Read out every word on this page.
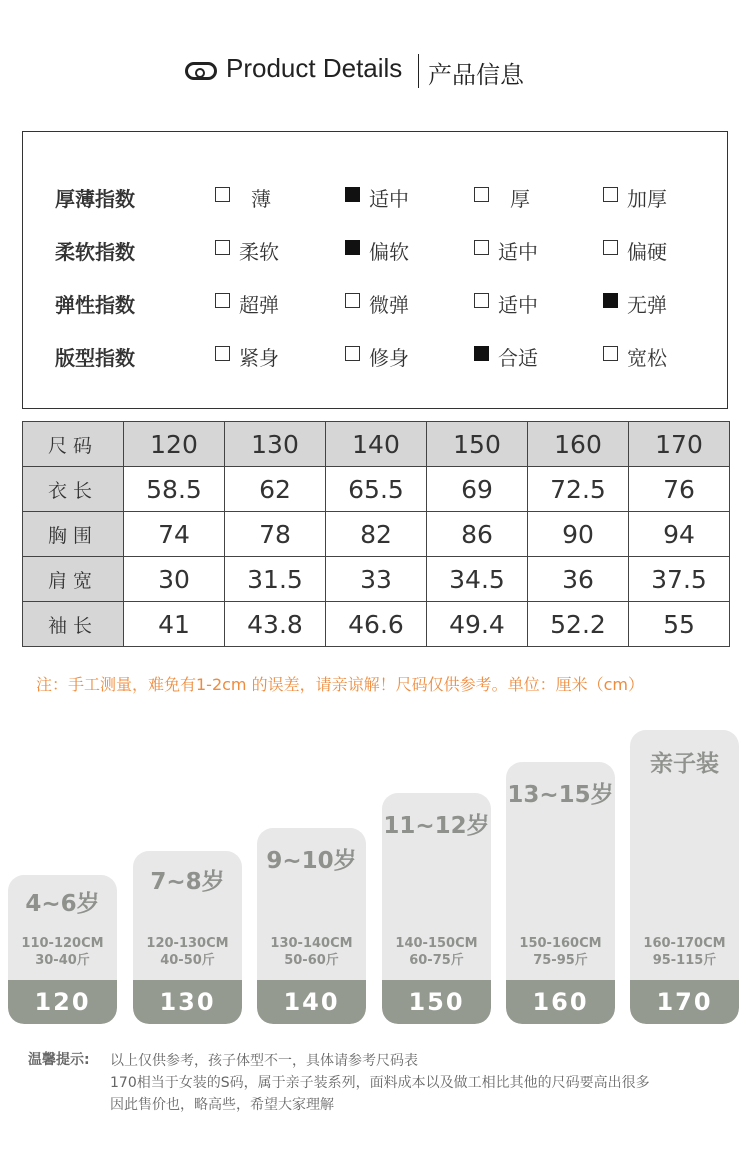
Product Details 产品信息
厚薄指数	薄	适中	厚	加厚
柔软指数	柔软	偏软	适中	偏硬
弹性指数	超弹	微弹	适中	无弹
版型指数	紧身	修身	合适	宽松
尺码	120	130	140	150	160	170
衣长	58.5	62	65.5	69	72.5	76
胸围	74	78	82	86	90	94
肩宽	30	31.5	33	34.5	36	37.5
袖长	41	43.8	46.6	49.4	52.2	55
注：手工测量，难免有1-2cm 的误差，请亲谅解！尺码仅供参考。单位：厘米（cm）
4~6岁
110-120CM
30-40斤
120
7~8岁
120-130CM
40-50斤
130
9~10岁
130-140CM
50-60斤
140
11~12岁
140-150CM
60-75斤
150
13~15岁
150-160CM
75-95斤
160
亲子装
160-170CM
95-115斤
170
温馨提示: 以上仅供参考，孩子体型不一，具体请参考尺码表
170相当于女装的S码，属于亲子装系列，面料成本以及做工相比其他的尺码要高出很多
因此售价也，略高些，希望大家理解
